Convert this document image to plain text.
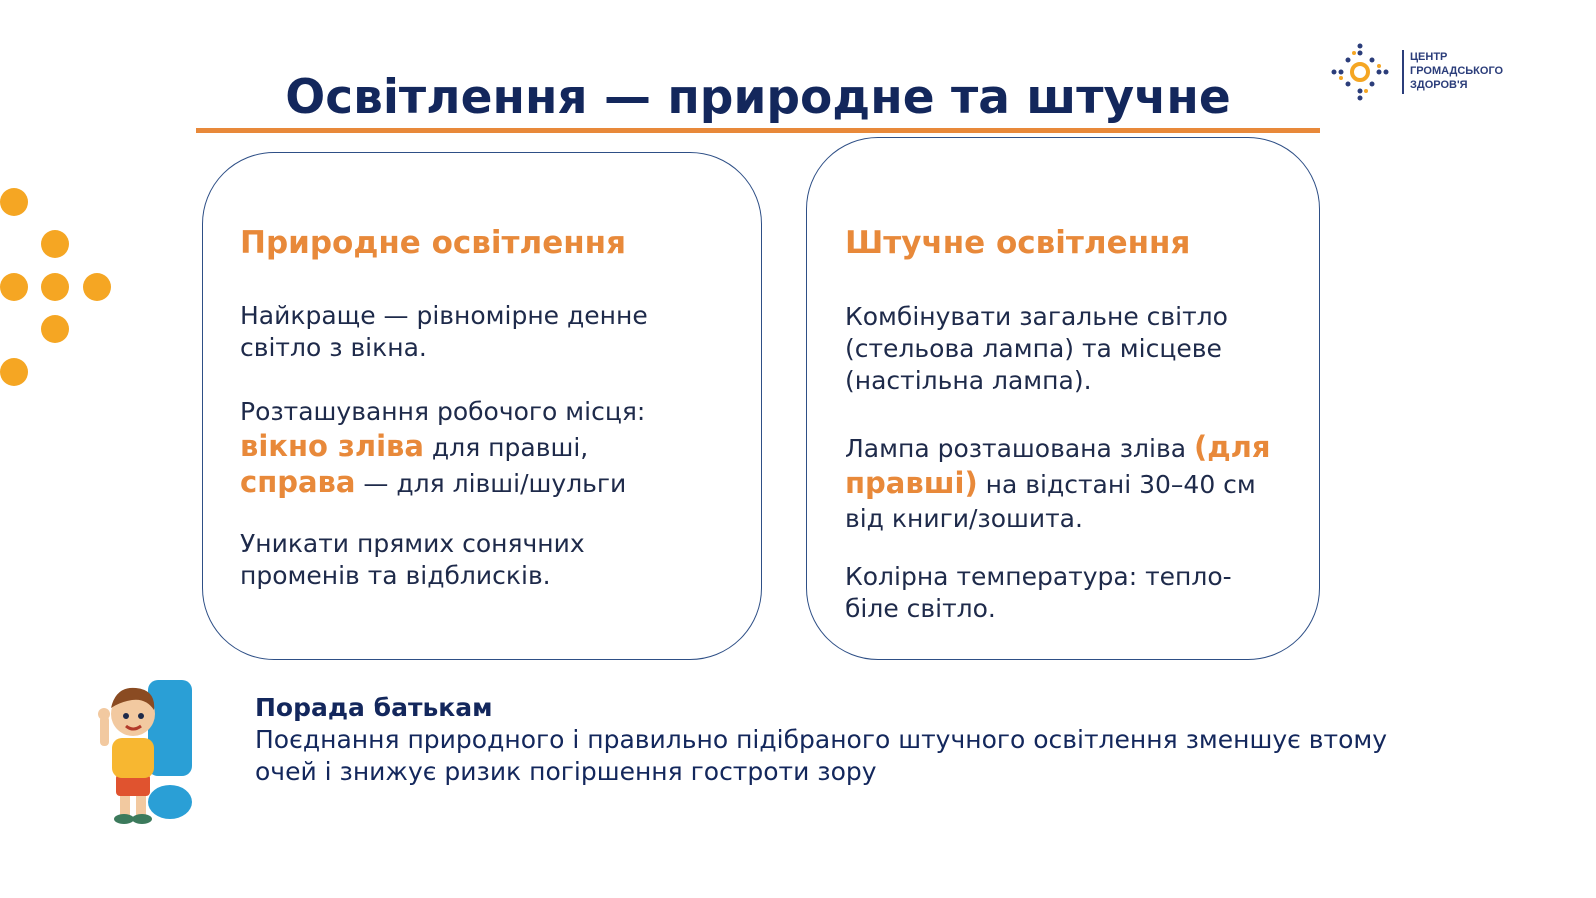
Освітлення — природне та штучне
ЦЕНТР
ГРОМАДСЬКОГО
ЗДОРОВ'Я
Природне освітлення
Найкраще — рівномірне денне
світло з вікна.
Розташування робочого місця:
вікно зліва для правші,
справа — для лівші/шульги
Уникати прямих сонячних
променів та відблисків.
Штучне освітлення
Комбінувати загальне світло
(стельова лампа) та місцеве
(настільна лампа).
Лампа розташована зліва (для
правші) на відстані 30–40 см
від книги/зошита.
Колірна температура: тепло-
біле світло.
Порада батькам
Поєднання природного і правильно підібраного штучного освітлення зменшує втому
очей і знижує ризик погіршення гостроти зору
